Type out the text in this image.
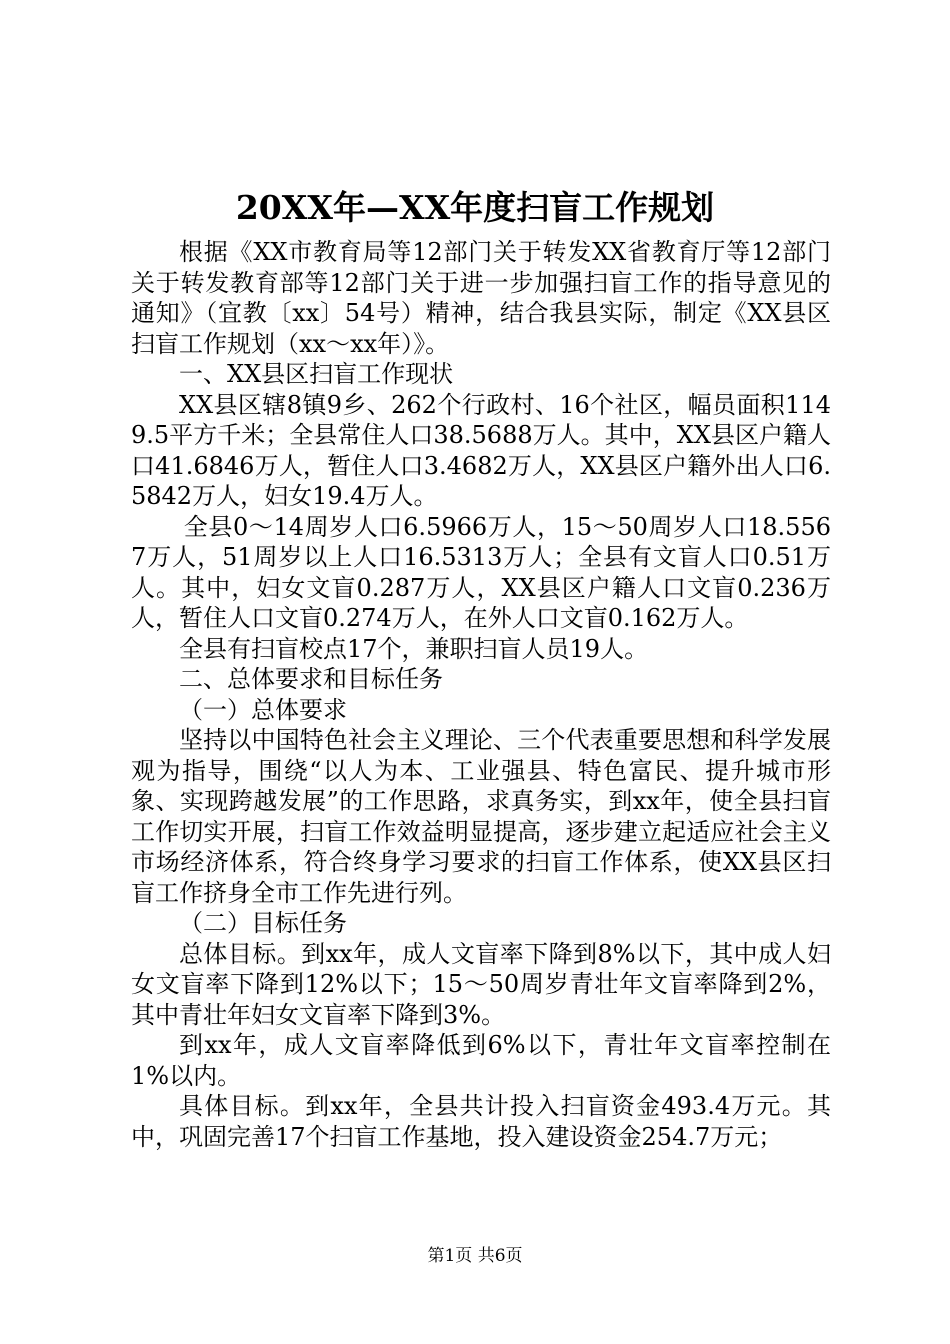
20XX年—XX年度扫盲工作规划

根据《XX市教育局等12部门关于转发XX省教育厅等12部门关于转发教育部等12部门关于进一步加强扫盲工作的指导意见的通知》（宜教〔xx〕54号）精神，结合我县实际，制定《XX县区扫盲工作规划（xx～xx年）》。

一、XX县区扫盲工作现状

XX县区辖8镇9乡、262个行政村、16个社区，幅员面积1149.5平方千米；全县常住人口38.5688万人。其中，XX县区户籍人口41.6846万人，暂住人口3.4682万人，XX县区户籍外出人口6.5842万人，妇女19.4万人。

全县0～14周岁人口6.5966万人，15～50周岁人口18.5567万人，51周岁以上人口16.5313万人；全县有文盲人口0.51万人。其中，妇女文盲0.287万人，XX县区户籍人口文盲0.236万人，暂住人口文盲0.274万人，在外人口文盲0.162万人。

全县有扫盲校点17个，兼职扫盲人员19人。

二、总体要求和目标任务

（一）总体要求

坚持以中国特色社会主义理论、三个代表重要思想和科学发展观为指导，围绕“以人为本、工业强县、特色富民、提升城市形象、实现跨越发展”的工作思路，求真务实，到xx年，使全县扫盲工作切实开展，扫盲工作效益明显提高，逐步建立起适应社会主义市场经济体系，符合终身学习要求的扫盲工作体系，使XX县区扫盲工作挤身全市工作先进行列。

（二）目标任务

总体目标。到xx年，成人文盲率下降到8%以下，其中成人妇女文盲率下降到12%以下；15～50周岁青壮年文盲率降到2%，其中青壮年妇女文盲率下降到3%。

到xx年，成人文盲率降低到6%以下，青壮年文盲率控制在1%以内。

具体目标。到xx年，全县共计投入扫盲资金493.4万元。其中，巩固完善17个扫盲工作基地，投入建设资金254.7万元；

第1页 共6页
